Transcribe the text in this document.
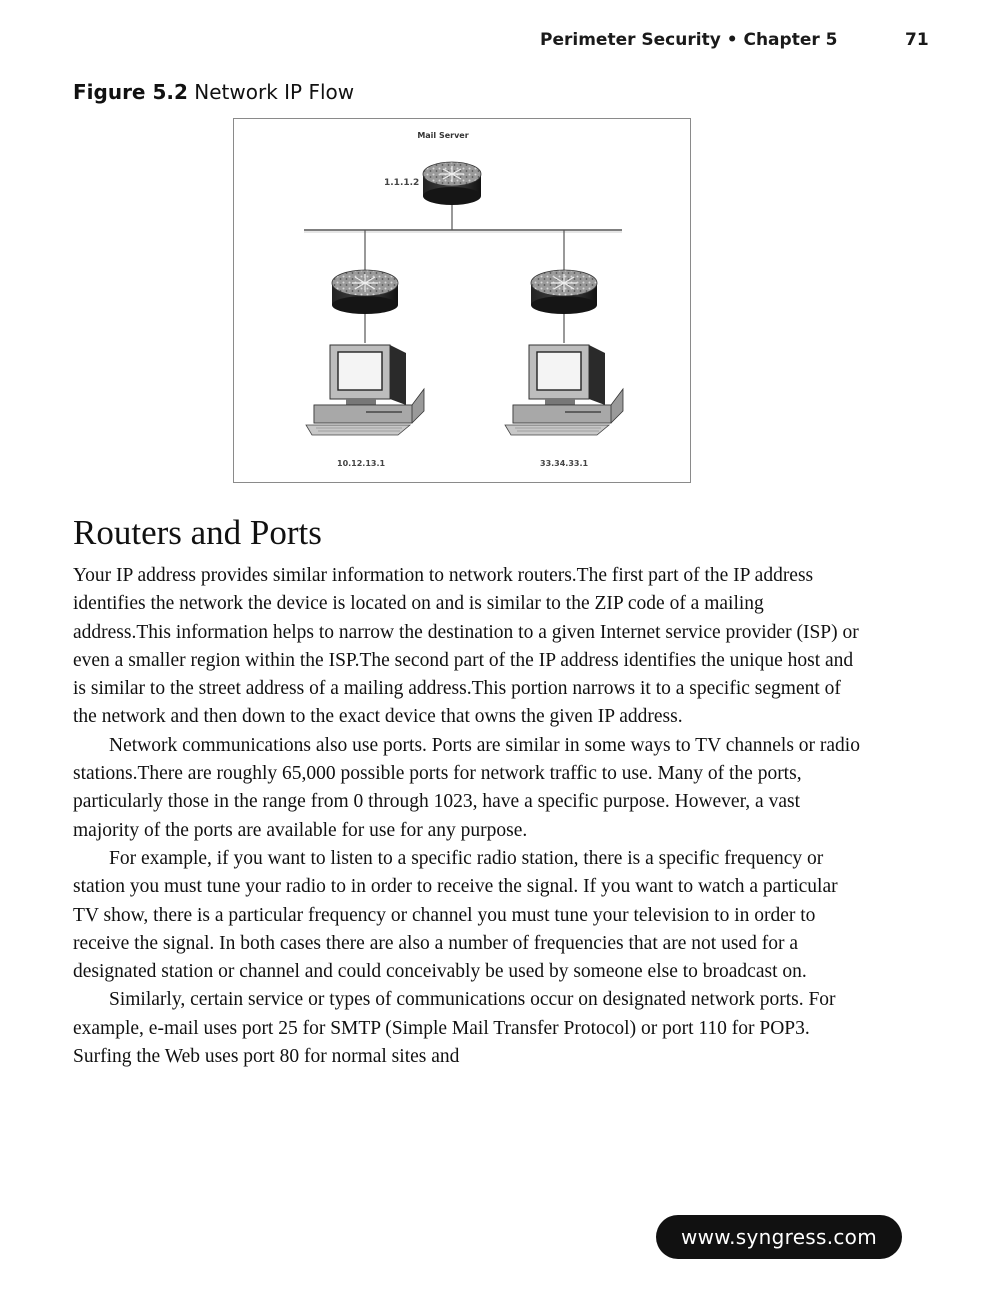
Perimeter Security • Chapter 5	71
Figure 5.2 Network IP Flow
Mail Server
1.1.1.2
10.12.13.1	33.34.33.1
Routers and Ports

Your IP address provides similar information to network routers.The first part of the IP address identifies the network the device is located on and is similar to the ZIP code of a mailing address.This information helps to narrow the destination to a given Internet service provider (ISP) or even a smaller region within the ISP.The second part of the IP address identifies the unique host and is similar to the street address of a mailing address.This portion narrows it to a specific segment of the network and then down to the exact device that owns the given IP address.

Network communications also use ports. Ports are similar in some ways to TV channels or radio stations.There are roughly 65,000 possible ports for network traffic to use. Many of the ports, particularly those in the range from 0 through 1023, have a specific purpose. However, a vast majority of the ports are available for use for any purpose.

For example, if you want to listen to a specific radio station, there is a specific frequency or station you must tune your radio to in order to receive the signal. If you want to watch a particular TV show, there is a particular frequency or channel you must tune your television to in order to receive the signal. In both cases there are also a number of frequencies that are not used for a designated station or channel and could conceivably be used by someone else to broadcast on.

Similarly, certain service or types of communications occur on designated network ports. For example, e-mail uses port 25 for SMTP (Simple Mail Transfer Protocol) or port 110 for POP3. Surfing the Web uses port 80 for normal sites and

www.syngress.com
